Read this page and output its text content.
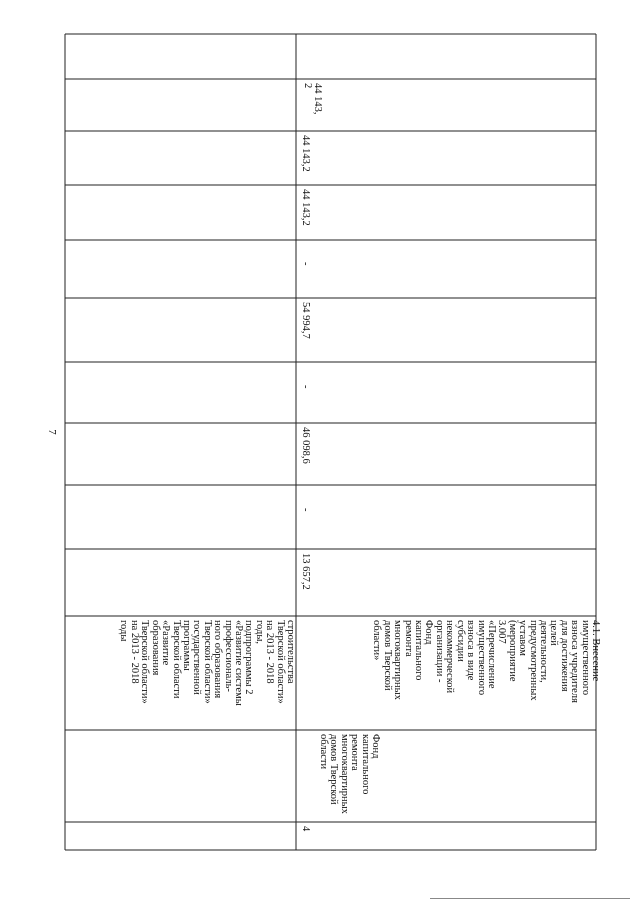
7
строительства
Тверской области»
на 2013 - 2018
годы,
подпрограммы 2
«Развитие системы
профессиональ-
ного образования
Тверской области»
государственной
программы
Тверской области
«Развитие
образования
Тверской области»
на 2013 - 2018
годы
4
Фонд
капитального
ремонта
многоквартирных
домов Тверской
области
4.1. Внесение
имущественного
взноса учредителя
для достижения
целей
деятельности,
предусмотренных
уставом
(мероприятие
3.007
«Перечисление
имущественного
взноса в виде
субсидии
некоммерческой
организации -
Фонд
капитального
ремонта
многоквартирных
домов Тверской
области»
13 657,2
-
46 098,6
-
54 994,7
-
44 143,2
44 143,2
44 143,
2
